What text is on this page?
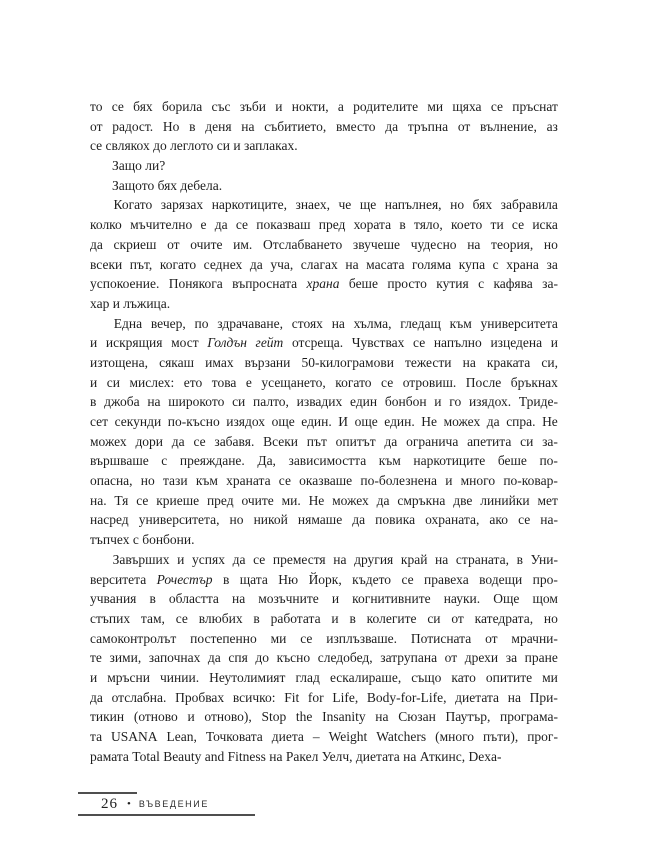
то се бях борила със зъби и нокти, а родителите ми щяха се пръснат
от радост. Но в деня на събитието, вместо да тръпна от вълнение, аз
се свлякох до леглото си и заплаках.
Защо ли?
Защото бях дебела.
Когато зарязах наркотиците, знаех, че ще напълнея, но бях забравила
колко мъчително е да се показваш пред хората в тяло, което ти се иска
да скриеш от очите им. Отслабването звучеше чудесно на теория, но
всеки път, когато седнех да уча, слагах на масата голяма купа с храна за
успокоение. Понякога въпросната храна беше просто кутия с кафява за-
хар и лъжица.
Една вечер, по здрачаване, стоях на хълма, гледащ към университета
и искрящия мост Голдън гейт отсреща. Чувствах се напълно изцедена и
изтощена, сякаш имах вързани 50-килограмови тежести на краката си,
и си мислех: ето това е усещането, когато се отровиш. После бръкнах
в джоба на широкото си палто, извадих един бонбон и го изядох. Триде-
сет секунди по-късно изядох още един. И още един. Не можех да спра. Не
можех дори да се забавя. Всеки път опитът да огранича апетита си за-
вършваше с преяждане. Да, зависимостта към наркотиците беше по-
опасна, но тази към храната се оказваше по-болезнена и много по-ковар-
на. Тя се криеше пред очите ми. Не можех да смръкна две линийки мет
насред университета, но никой нямаше да повика охраната, ако се на-
тъпчех с бонбони.
Завърших и успях да се преместя на другия край на страната, в Уни-
верситета Рочестър в щата Ню Йорк, където се правеха водещи про-
учвания в областта на мозъчните и когнитивните науки. Още щом
стъпих там, се влюбих в работата и в колегите си от катедрата, но
самоконтролът постепенно ми се изплъзваше. Потисната от мрачни-
те зими, започнах да спя до късно следобед, затрупана от дрехи за пране
и мръсни чинии. Неутолимият глад ескалираше, също като опитите ми
да отслабна. Пробвах всичко: Fit for Life, Body-for-Life, диетата на При-
тикин (отново и отново), Stop the Insanity на Сюзан Паутър, програма-
та USANA Lean, Точковата диета – Weight Watchers (много пъти), прог-
рамата Total Beauty and Fitness на Ракел Уелч, диетата на Аткинс, Dexa-
26 • ВЪВЕДЕНИЕ
